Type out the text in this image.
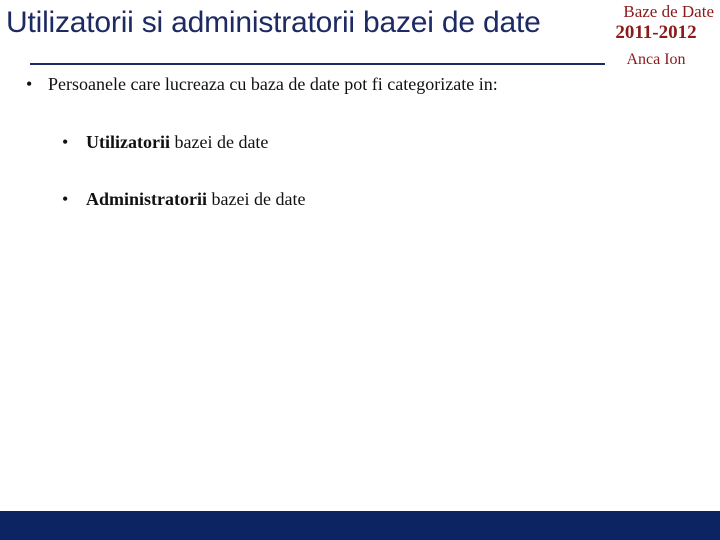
Utilizatorii si administratorii bazei de date	Baze de Date
2011-2012
Anca Ion
• Persoanele care lucreaza cu baza de date pot fi categorizate in:
• Utilizatorii bazei de date
• Administratorii bazei de date
